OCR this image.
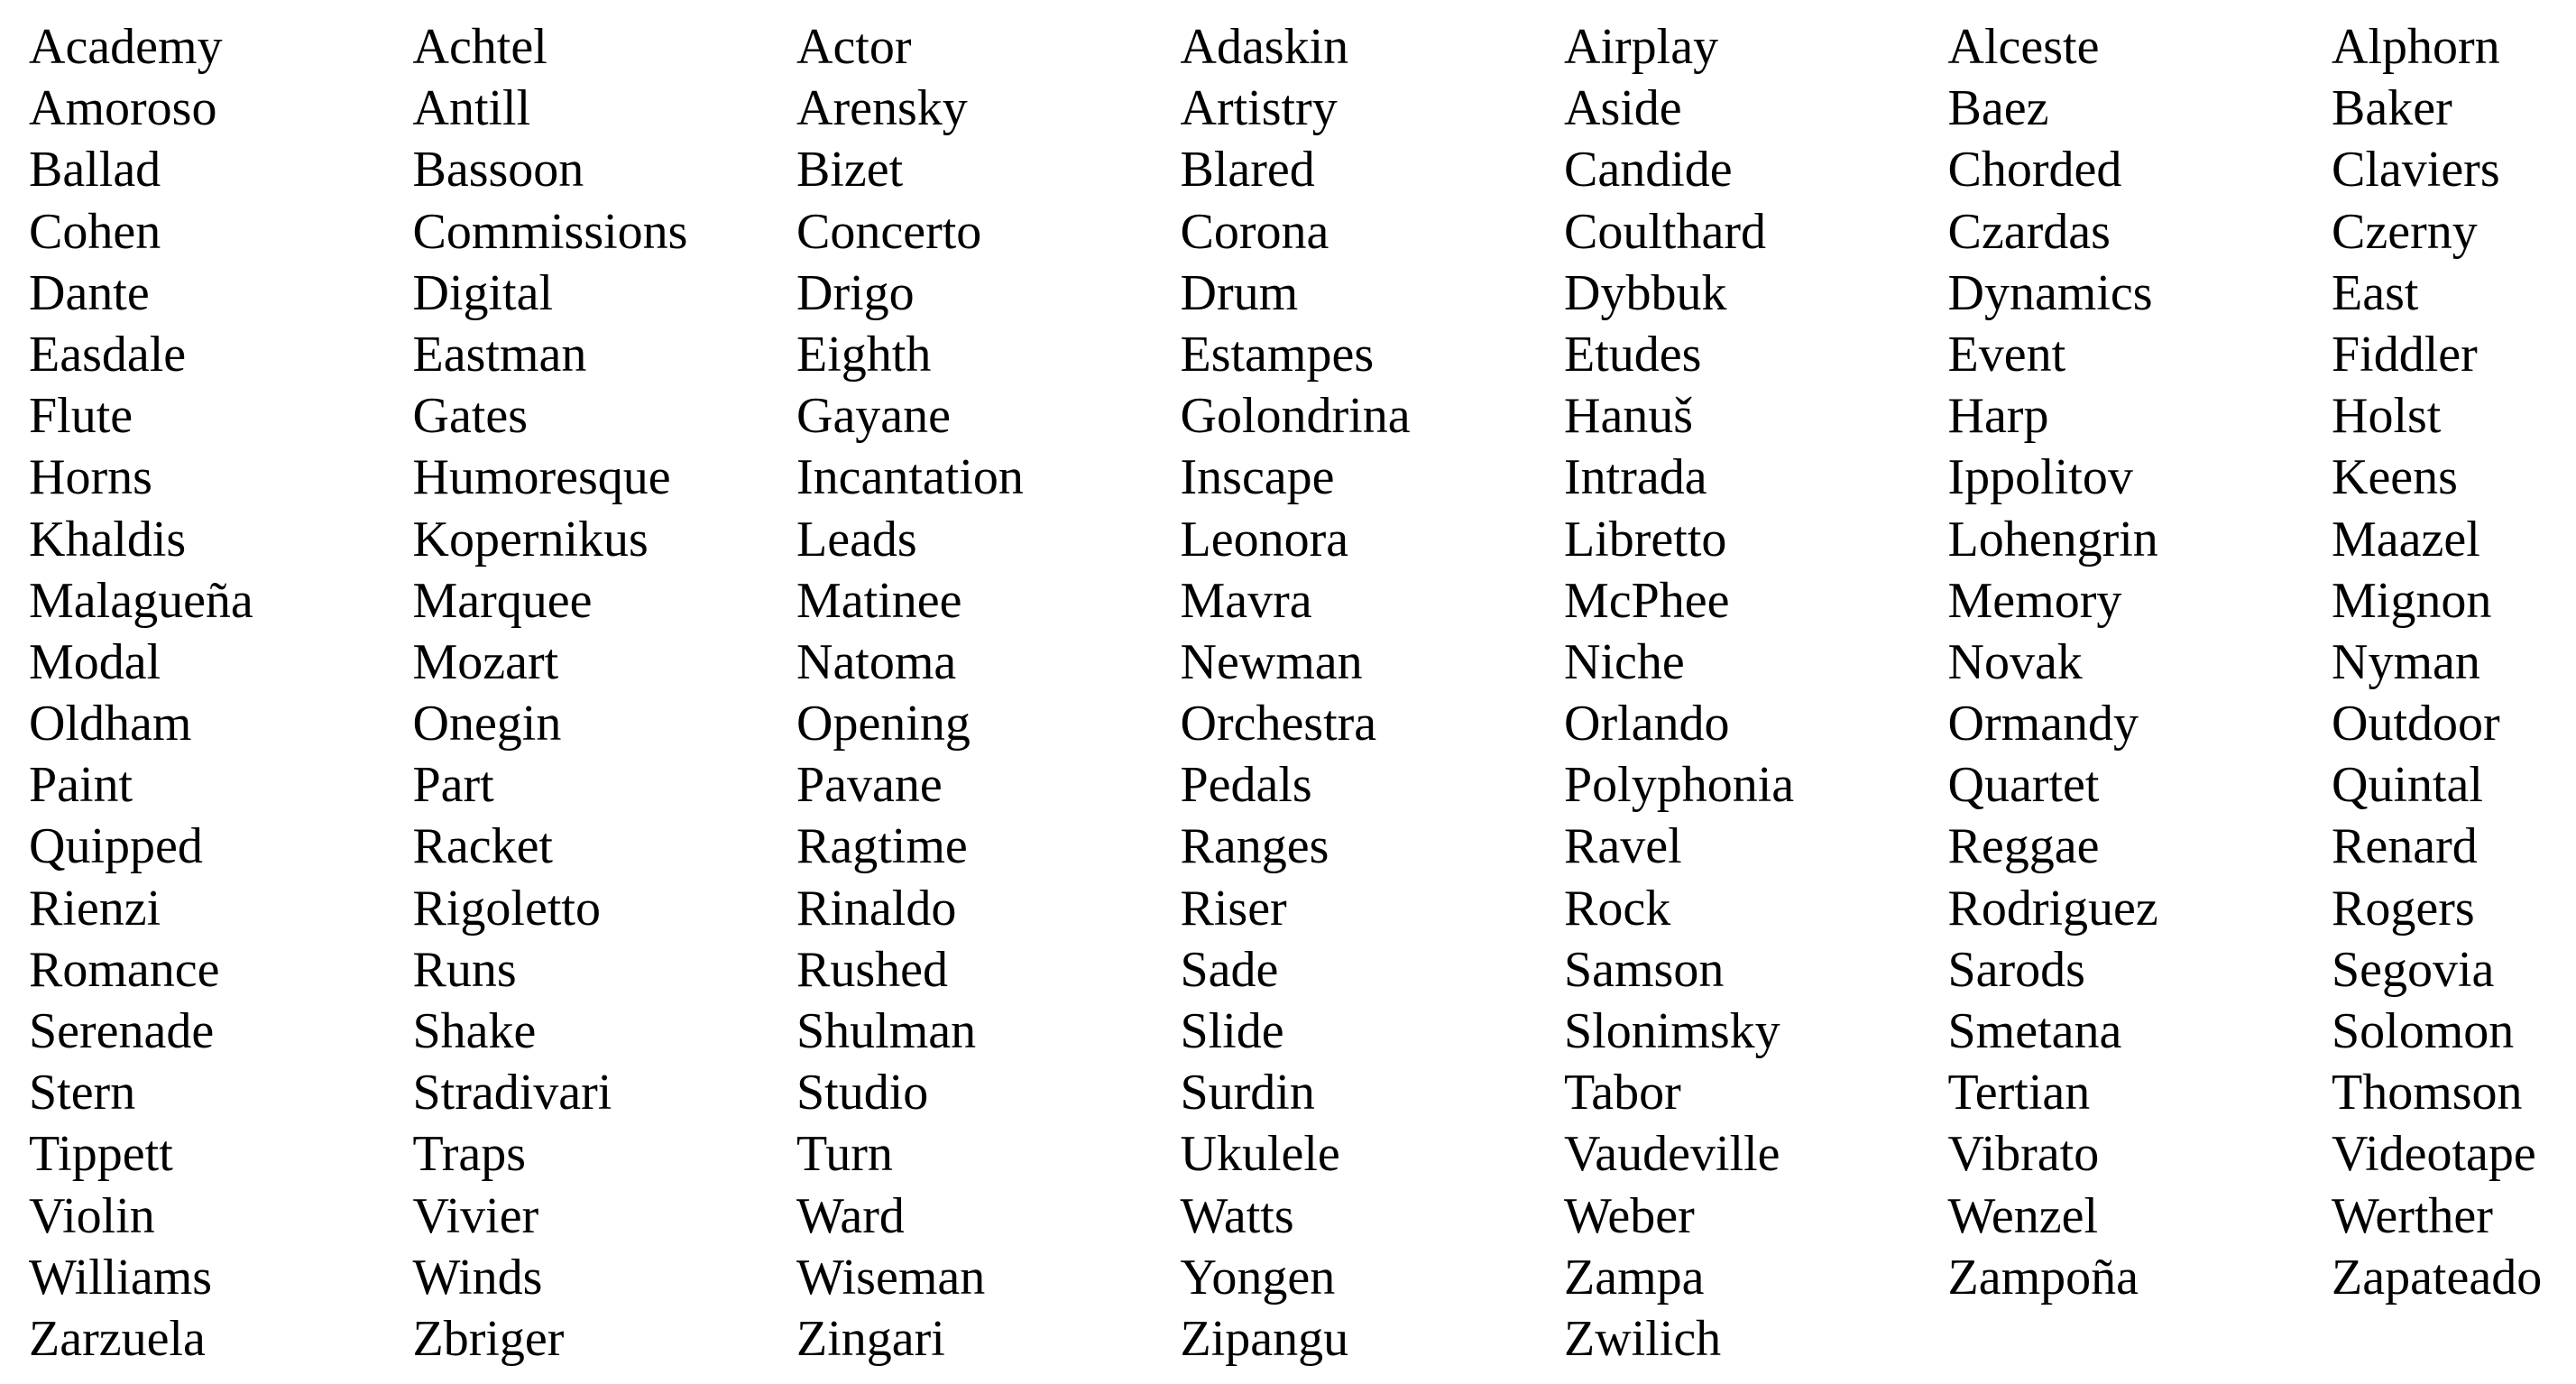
Academy	Achtel	Actor	Adaskin	Airplay	Alceste	Alphorn
Amoroso	Antill	Arensky	Artistry	Aside	Baez	Baker
Ballad	Bassoon	Bizet	Blared	Candide	Chorded	Claviers
Cohen	Commissions	Concerto	Corona	Coulthard	Czardas	Czerny
Dante	Digital	Drigo	Drum	Dybbuk	Dynamics	East
Easdale	Eastman	Eighth	Estampes	Etudes	Event	Fiddler
Flute	Gates	Gayane	Golondrina	Hanuš	Harp	Holst
Horns	Humoresque	Incantation	Inscape	Intrada	Ippolitov	Keens
Khaldis	Kopernikus	Leads	Leonora	Libretto	Lohengrin	Maazel
Malagueña	Marquee	Matinee	Mavra	McPhee	Memory	Mignon
Modal	Mozart	Natoma	Newman	Niche	Novak	Nyman
Oldham	Onegin	Opening	Orchestra	Orlando	Ormandy	Outdoor
Paint	Part	Pavane	Pedals	Polyphonia	Quartet	Quintal
Quipped	Racket	Ragtime	Ranges	Ravel	Reggae	Renard
Rienzi	Rigoletto	Rinaldo	Riser	Rock	Rodriguez	Rogers
Romance	Runs	Rushed	Sade	Samson	Sarods	Segovia
Serenade	Shake	Shulman	Slide	Slonimsky	Smetana	Solomon
Stern	Stradivari	Studio	Surdin	Tabor	Tertian	Thomson
Tippett	Traps	Turn	Ukulele	Vaudeville	Vibrato	Videotape
Violin	Vivier	Ward	Watts	Weber	Wenzel	Werther
Williams	Winds	Wiseman	Yongen	Zampa	Zampoña	Zapateado
Zarzuela	Zbriger	Zingari	Zipangu	Zwilich
